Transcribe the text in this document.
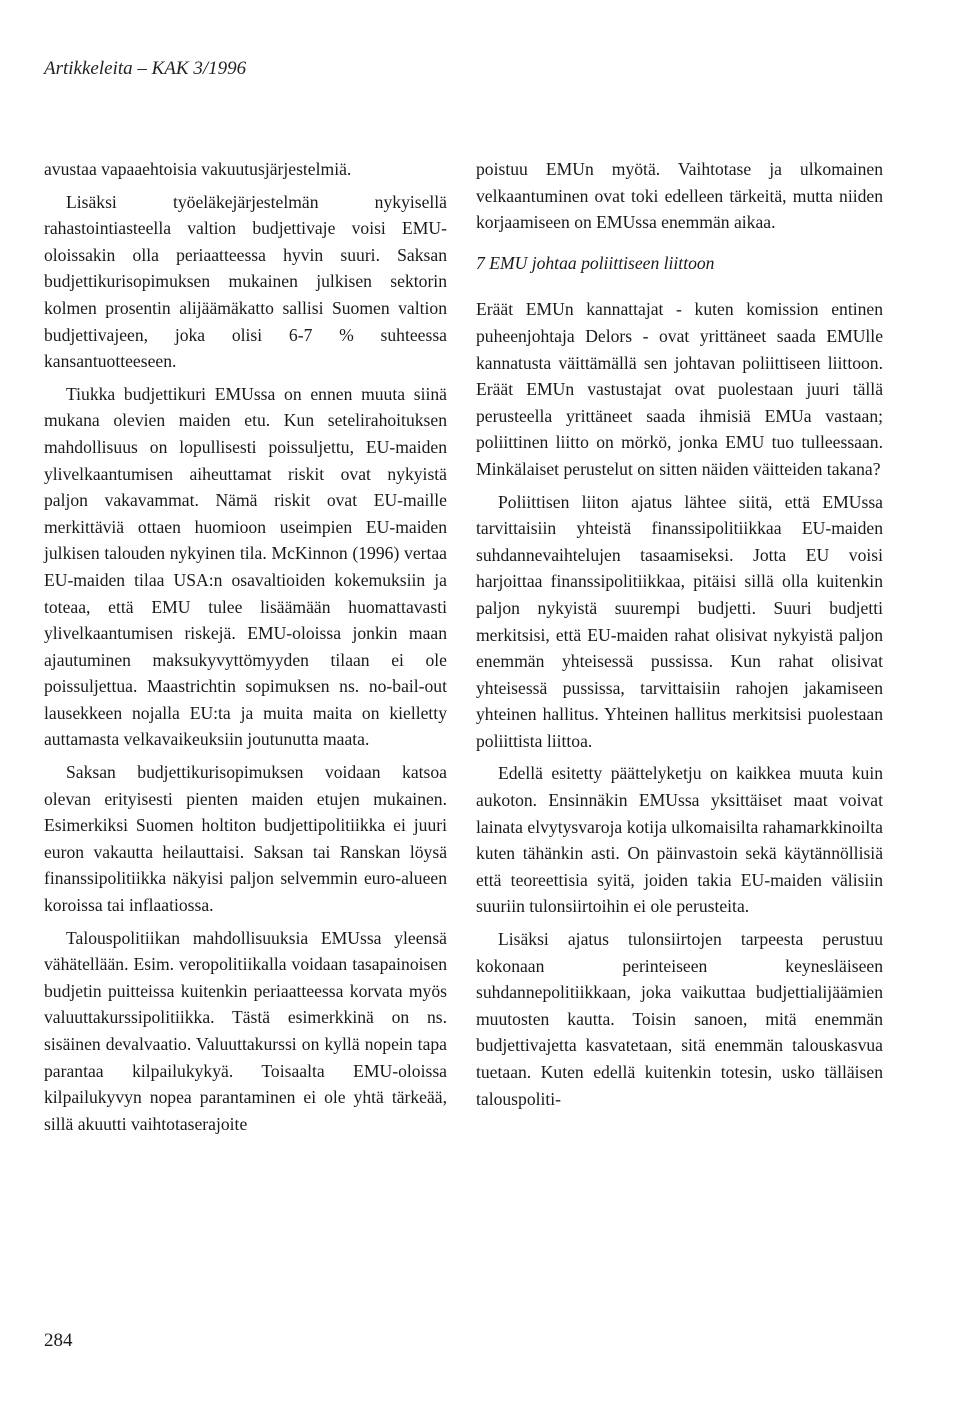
Artikkeleita – KAK 3/1996

avustaa vapaaehtoisia vakuutusjärjestelmiä.

Lisäksi työeläkejärjestelmän nykyisellä rahastointiasteella valtion budjettivaje voisi EMU-oloissakin olla periaatteessa hyvin suuri. Saksan budjettikurisopimuksen mukainen julkisen sektorin kolmen prosentin alijäämäkatto sallisi Suomen valtion budjettivajeen, joka olisi 6-7 % suhteessa kansantuotteeseen.

Tiukka budjettikuri EMUssa on ennen muuta siinä mukana olevien maiden etu. Kun setelirahoituksen mahdollisuus on lopullisesti poissuljettu, EU-maiden ylivelkaantumisen aiheuttamat riskit ovat nykyistä paljon vakavammat. Nämä riskit ovat EU-maille merkittäviä ottaen huomioon useimpien EU-maiden julkisen talouden nykyinen tila. McKinnon (1996) vertaa EU-maiden tilaa USA:n osavaltioiden kokemuksiin ja toteaa, että EMU tulee lisäämään huomattavasti ylivelkaantumisen riskejä. EMU-oloissa jonkin maan ajautuminen maksukyvyttömyyden tilaan ei ole poissuljettua. Maastrichtin sopimuksen ns. no-bail-out lausekkeen nojalla EU:ta ja muita maita on kielletty auttamasta velkavaikeuksiin joutunutta maata.

Saksan budjettikurisopimuksen voidaan katsoa olevan erityisesti pienten maiden etujen mukainen. Esimerkiksi Suomen holtiton budjettipolitiikka ei juuri euron vakautta heilauttaisi. Saksan tai Ranskan löysä finanssipolitiikka näkyisi paljon selvemmin euro-alueen koroissa tai inflaatiossa.

Talouspolitiikan mahdollisuuksia EMUssa yleensä vähätellään. Esim. veropolitiikalla voidaan tasapainoisen budjetin puitteissa kuitenkin periaatteessa korvata myös valuuttakurssipolitiikka. Tästä esimerkkinä on ns. sisäinen devalvaatio. Valuuttakurssi on kyllä nopein tapa parantaa kilpailukykyä. Toisaalta EMU-oloissa kilpailukyvyn nopea parantaminen ei ole yhtä tärkeää, sillä akuutti vaihtotaserajoite

poistuu EMUn myötä. Vaihtotase ja ulkomainen velkaantuminen ovat toki edelleen tärkeitä, mutta niiden korjaamiseen on EMUssa enemmän aikaa.

7 EMU johtaa poliittiseen liittoon

Eräät EMUn kannattajat - kuten komission entinen puheenjohtaja Delors - ovat yrittäneet saada EMUlle kannatusta väittämällä sen johtavan poliittiseen liittoon. Eräät EMUn vastustajat ovat puolestaan juuri tällä perusteella yrittäneet saada ihmisiä EMUa vastaan; poliittinen liitto on mörkö, jonka EMU tuo tulleessaan. Minkälaiset perustelut on sitten näiden väitteiden takana?

Poliittisen liiton ajatus lähtee siitä, että EMUssa tarvittaisiin yhteistä finanssipolitiikkaa EU-maiden suhdannevaihtelujen tasaamiseksi. Jotta EU voisi harjoittaa finanssipolitiikkaa, pitäisi sillä olla kuitenkin paljon nykyistä suurempi budjetti. Suuri budjetti merkitsisi, että EU-maiden rahat olisivat nykyistä paljon enemmän yhteisessä pussissa. Kun rahat olisivat yhteisessä pussissa, tarvittaisiin rahojen jakamiseen yhteinen hallitus. Yhteinen hallitus merkitsisi puolestaan poliittista liittoa.

Edellä esitetty päättelyketju on kaikkea muuta kuin aukoton. Ensinnäkin EMUssa yksittäiset maat voivat lainata elvytysvaroja kotija ulkomaisilta rahamarkkinoilta kuten tähänkin asti. On päinvastoin sekä käytännöllisiä että teoreettisia syitä, joiden takia EU-maiden välisiin suuriin tulonsiirtoihin ei ole perusteita.

Lisäksi ajatus tulonsiirtojen tarpeesta perustuu kokonaan perinteiseen keynesläiseen suhdannepolitiikkaan, joka vaikuttaa budjettialijäämien muutosten kautta. Toisin sanoen, mitä enemmän budjettivajetta kasvatetaan, sitä enemmän talouskasvua tuetaan. Kuten edellä kuitenkin totesin, usko tälläisen talouspoliti-

284
